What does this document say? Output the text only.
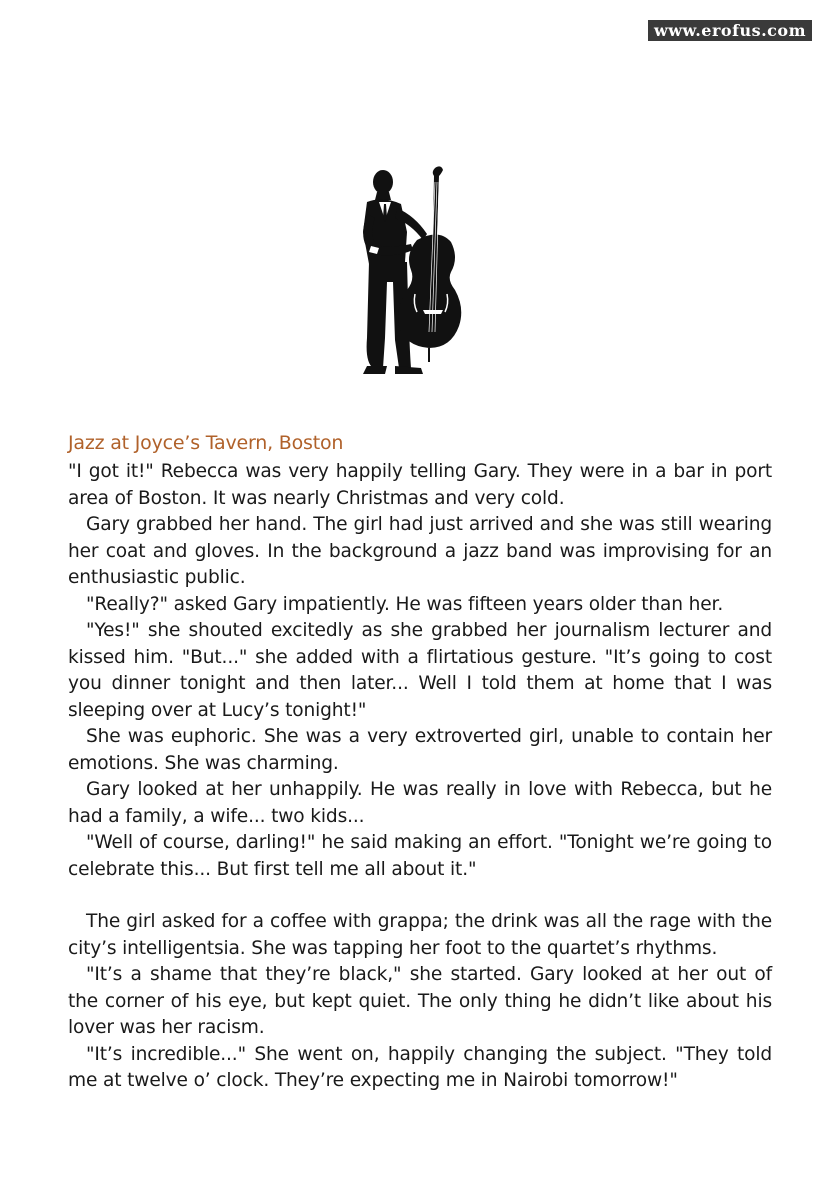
www.erofus.com
Jazz at Joyce’s Tavern, Boston

"I got it!" Rebecca was very happily telling Gary. They were in a bar in port area of Boston. It was nearly Christmas and very cold.

Gary grabbed her hand. The girl had just arrived and she was still wearing her coat and gloves. In the background a jazz band was improvising for an enthusiastic public.

"Really?" asked Gary impatiently. He was fifteen years older than her.

"Yes!" she shouted excitedly as she grabbed her journalism lecturer and kissed him. "But..." she added with a flirtatious gesture. "It’s going to cost you dinner tonight and then later... Well I told them at home that I was sleeping over at Lucy’s tonight!"

She was euphoric. She was a very extroverted girl, unable to contain her emotions. She was charming.

Gary looked at her unhappily. He was really in love with Rebecca, but he had a family, a wife... two kids...

"Well of course, darling!" he said making an effort. "Tonight we’re going to celebrate this... But first tell me all about it."

The girl asked for a coffee with grappa; the drink was all the rage with the city’s intelligentsia. She was tapping her foot to the quartet’s rhythms.

"It’s a shame that they’re black," she started. Gary looked at her out of the corner of his eye, but kept quiet. The only thing he didn’t like about his lover was her racism.

"It’s incredible..." She went on, happily changing the subject. "They told me at twelve o’ clock. They’re expecting me in Nairobi tomorrow!"
